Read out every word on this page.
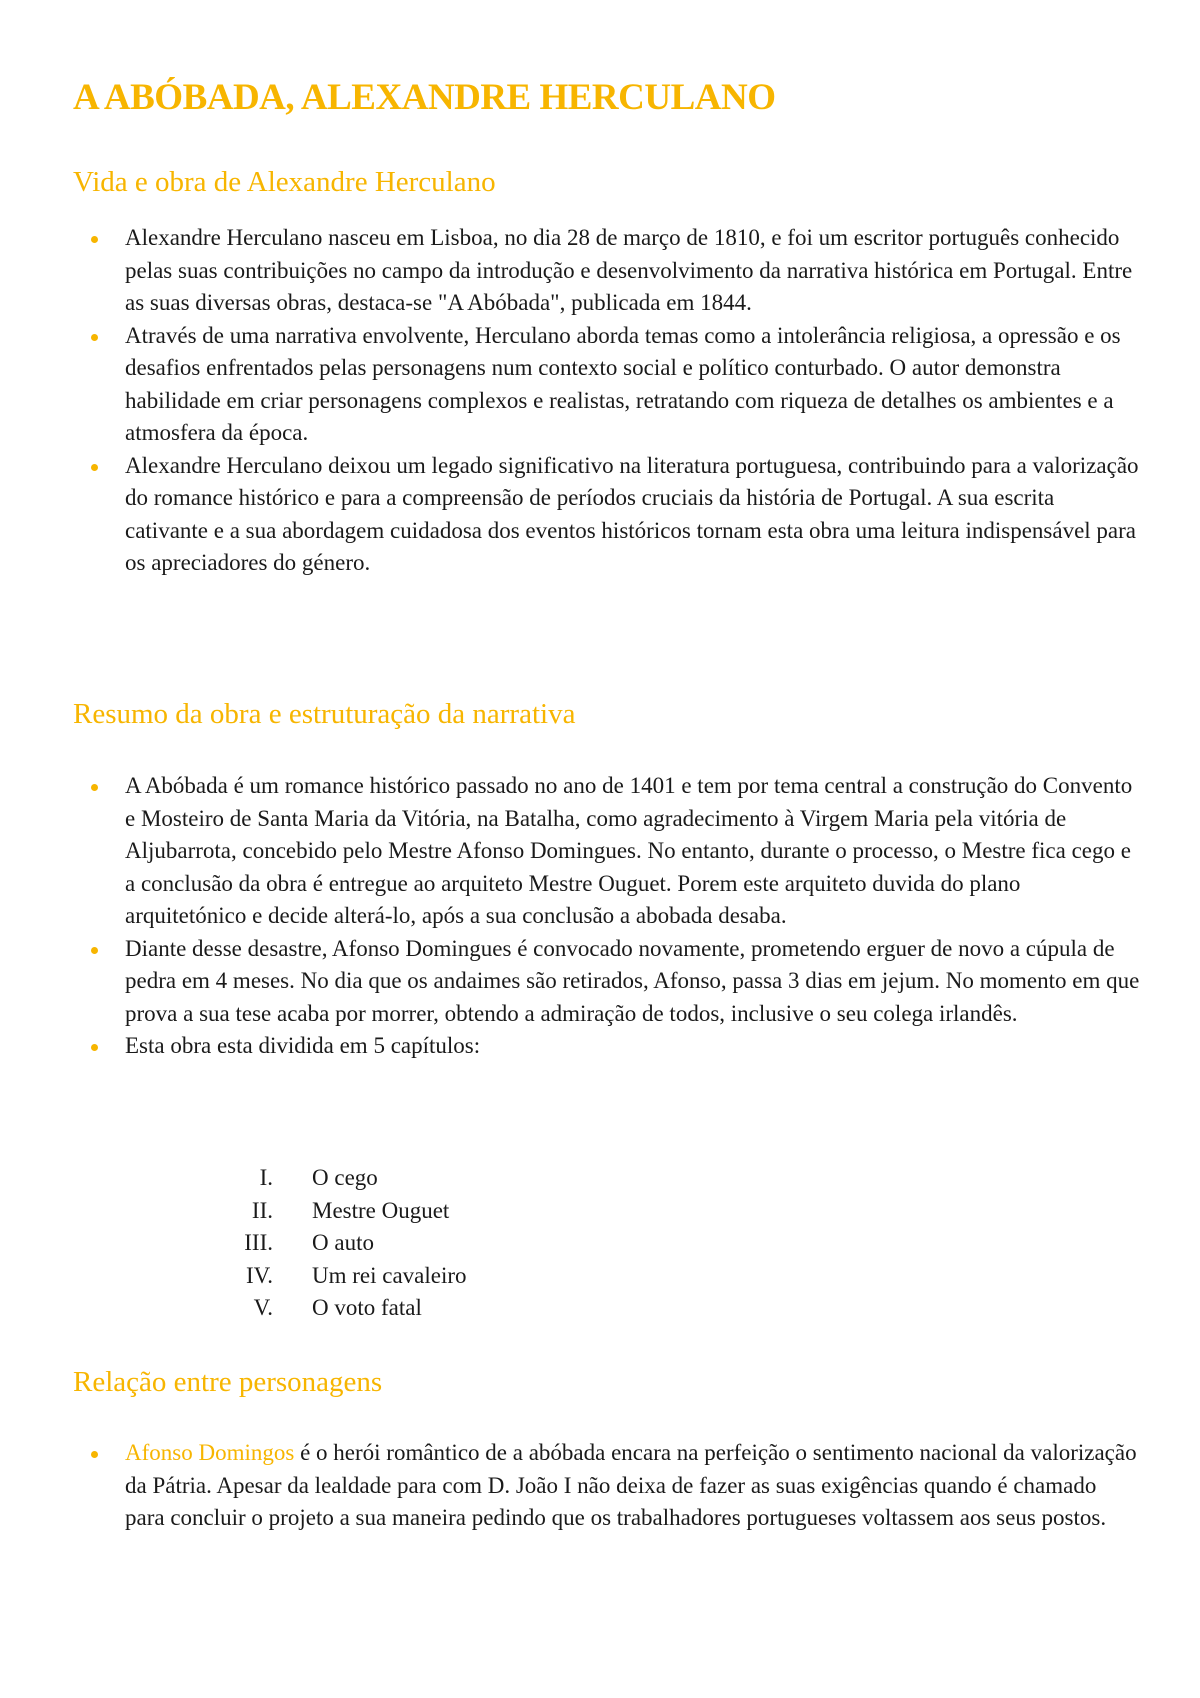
A ABÓBADA, ALEXANDRE HERCULANO
Vida e obra de Alexandre Herculano
Alexandre Herculano nasceu em Lisboa, no dia 28 de março de 1810, e foi um escritor português conhecido pelas suas contribuições no campo da introdução e desenvolvimento da narrativa histórica em Portugal. Entre as suas diversas obras, destaca-se "A Abóbada", publicada em 1844.
Através de uma narrativa envolvente, Herculano aborda temas como a intolerância religiosa, a opressão e os desafios enfrentados pelas personagens num contexto social e político conturbado. O autor demonstra habilidade em criar personagens complexos e realistas, retratando com riqueza de detalhes os ambientes e a atmosfera da época.
Alexandre Herculano deixou um legado significativo na literatura portuguesa, contribuindo para a valorização do romance histórico e para a compreensão de períodos cruciais da história de Portugal. A sua escrita cativante e a sua abordagem cuidadosa dos eventos históricos tornam esta obra uma leitura indispensável para os apreciadores do género.
Resumo da obra e estruturação da narrativa
A Abóbada é um romance histórico passado no ano de 1401 e tem por tema central a construção do Convento e Mosteiro de Santa Maria da Vitória, na Batalha, como agradecimento à Virgem Maria pela vitória de Aljubarrota, concebido pelo Mestre Afonso Domingues. No entanto, durante o processo, o Mestre fica cego e a conclusão da obra é entregue ao arquiteto Mestre Ouguet. Porem este arquiteto duvida do plano arquitetónico e decide alterá-lo, após a sua conclusão a abobada desaba.
Diante desse desastre, Afonso Domingues é convocado novamente, prometendo erguer de novo a cúpula de pedra em 4 meses. No dia que os andaimes são retirados, Afonso, passa 3 dias em jejum. No momento em que prova a sua tese acaba por morrer, obtendo a admiração de todos, inclusive o seu colega irlandês.
Esta obra esta dividida em 5 capítulos:
I. O cego
II. Mestre Ouguet
III. O auto
IV. Um rei cavaleiro
V. O voto fatal
Relação entre personagens
Afonso Domingos é o herói romântico de a abóbada encara na perfeição o sentimento nacional da valorização da Pátria. Apesar da lealdade para com D. João I não deixa de fazer as suas exigências quando é chamado para concluir o projeto a sua maneira pedindo que os trabalhadores portugueses voltassem aos seus postos.
